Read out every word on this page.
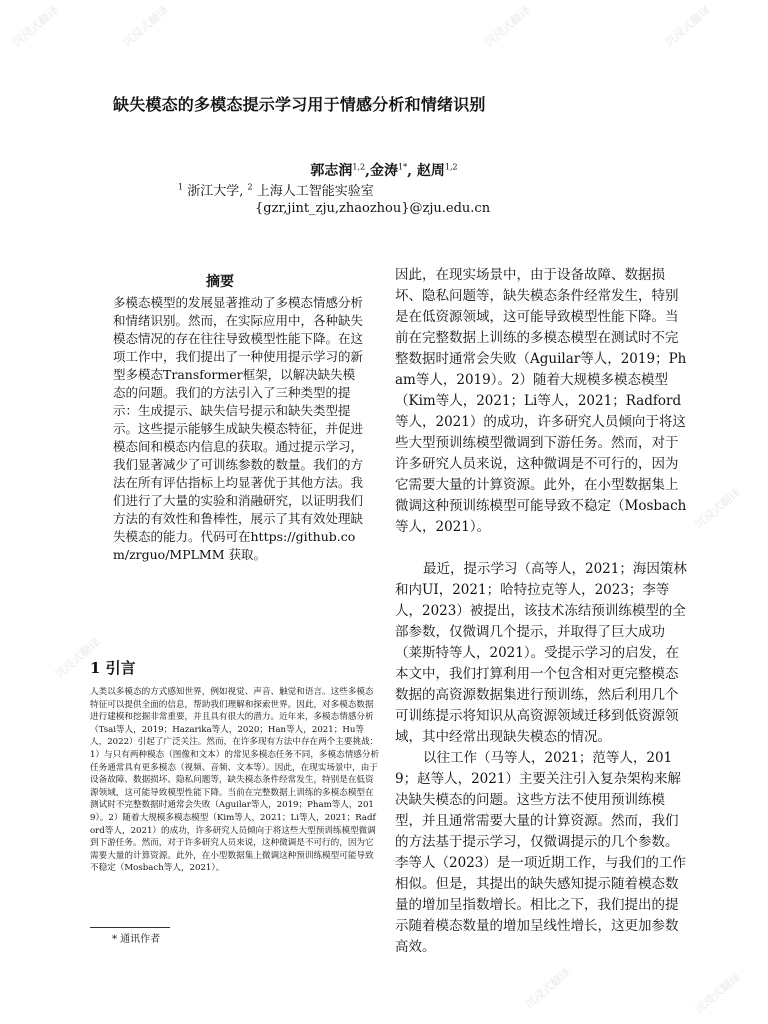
沉浸式翻译	沉浸式翻译	沉浸式翻译	沉浸式翻译
沉浸式翻译
沉浸式翻译
沉浸式翻译	沉浸式翻译
缺失模态的多模态提示学习用于情感分析和情绪识别
郭志润$^{1,2}$,金涛$^{1*}$, 赵周$^{1,2}$
$^1$ 浙江大学, $^2$ 上海人工智能实验室
{gzr,jint_zju,zhaozhou}@zju.edu.cn
摘要

多模态模型的发展显著推动了多模态情感分析和情绪识别。然而，在实际应用中，各种缺失模态情况的存在往往导致模型性能下降。在这项工作中，我们提出了一种使用提示学习的新型多模态Transformer框架，以解决缺失模态的问题。我们的方法引入了三种类型的提示：生成提示、缺失信号提示和缺失类型提示。这些提示能够生成缺失模态特征，并促进模态间和模态内信息的获取。通过提示学习，我们显著减少了可训练参数的数量。我们的方法在所有评估指标上均显著优于其他方法。我们进行了大量的实验和消融研究，以证明我们方法的有效性和鲁棒性，展示了其有效处理缺失模态的能力。代码可在https://github.com/zrguo/MPLMM 获取。

1 引言

人类以多模态的方式感知世界，例如视觉、声音、触觉和语言。这些多模态特征可以提供全面的信息，帮助我们理解和探索世界。因此，对多模态数据进行建模和挖掘非常重要，并且具有很大的潜力。近年来，多模态情感分析（Tsai等人，2019；Hazarika等人，2020；Han等人，2021；Hu等人，2022）引起了广泛关注。然而，在许多现有方法中存在两个主要挑战：1）与只有两种模态（图像和文本）的常见多模态任务不同，多模态情感分析任务通常具有更多模态（视频、音频、文本等）。因此，在现实场景中，由于设备故障、数据损坏、隐私问题等，缺失模态条件经常发生，特别是在低资源领域，这可能导致模型性能下降。当前在完整数据上训练的多模态模型在测试时不完整数据时通常会失败（Aguilar等人，2019；Pham等人，2019）。2）随着大规模多模态模型（Kim等人，2021；Li等人，2021；Radford等人，2021）的成功，许多研究人员倾向于将这些大型预训练模型微调到下游任务。然而，对于许多研究人员来说，这种微调是不可行的，因为它需要大量的计算资源。此外，在小型数据集上微调这种预训练模型可能导致不稳定（Mosbach等人，2021）。

* 通讯作者

因此，在现实场景中，由于设备故障、数据损坏、隐私问题等，缺失模态条件经常发生，特别是在低资源领域，这可能导致模型性能下降。当前在完整数据上训练的多模态模型在测试时不完整数据时通常会失败（Aguilar等人，2019；Pham等人，2019）。2）随着大规模多模态模型（Kim等人，2021；Li等人，2021；Radford等人，2021）的成功，许多研究人员倾向于将这些大型预训练模型微调到下游任务。然而，对于许多研究人员来说，这种微调是不可行的，因为它需要大量的计算资源。此外，在小型数据集上微调这种预训练模型可能导致不稳定（Mosbach等人，2021）。

最近，提示学习（高等人，2021；海因策林和内UI，2021；哈特拉克等人，2023；李等人，2023）被提出，该技术冻结预训练模型的全部参数，仅微调几个提示，并取得了巨大成功（莱斯特等人，2021）。受提示学习的启发，在本文中，我们打算利用一个包含相对更完整模态数据的高资源数据集进行预训练，然后利用几个可训练提示将知识从高资源领域迁移到低资源领域，其中经常出现缺失模态的情况。

以往工作（马等人，2021；范等人，2019；赵等人，2021）主要关注引入复杂架构来解决缺失模态的问题。这些方法不使用预训练模型，并且通常需要大量的计算资源。然而，我们的方法基于提示学习，仅微调提示的几个参数。李等人（2023）是一项近期工作，与我们的工作相似。但是，其提出的缺失感知提示随着模态数量的增加呈指数增长。相比之下，我们提出的提示随着模态数量的增加呈线性增长，这更加参数高效。
